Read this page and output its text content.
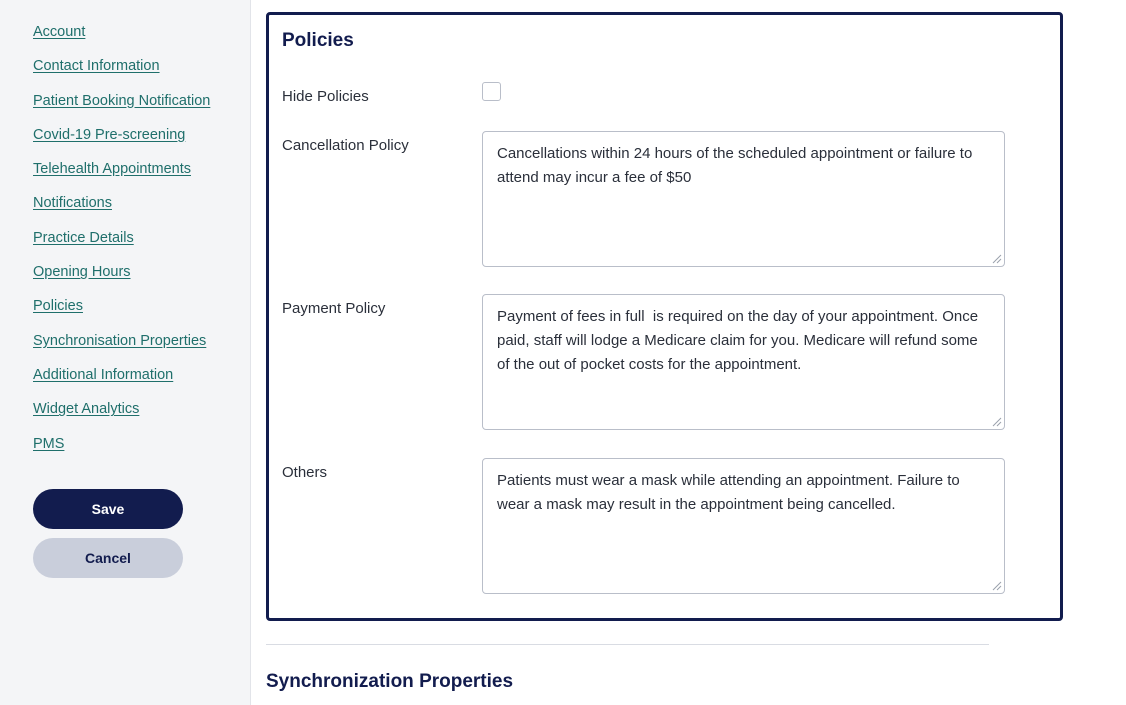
Account
Contact Information
Patient Booking Notification
Covid-19 Pre-screening
Telehealth Appointments
Notifications
Practice Details
Opening Hours
Policies
Synchronisation Properties
Additional Information
Widget Analytics
PMS
Save
Cancel
Policies
Hide Policies
Cancellation Policy
Cancellations within 24 hours of the scheduled appointment or failure to attend may incur a fee of $50
Payment Policy
Payment of fees in full is required on the day of your appointment. Once paid, staff will lodge a Medicare claim for you. Medicare will refund some of the out of pocket costs for the appointment.
Others
Patients must wear a mask while attending an appointment. Failure to wear a mask may result in the appointment being cancelled.
Synchronization Properties
